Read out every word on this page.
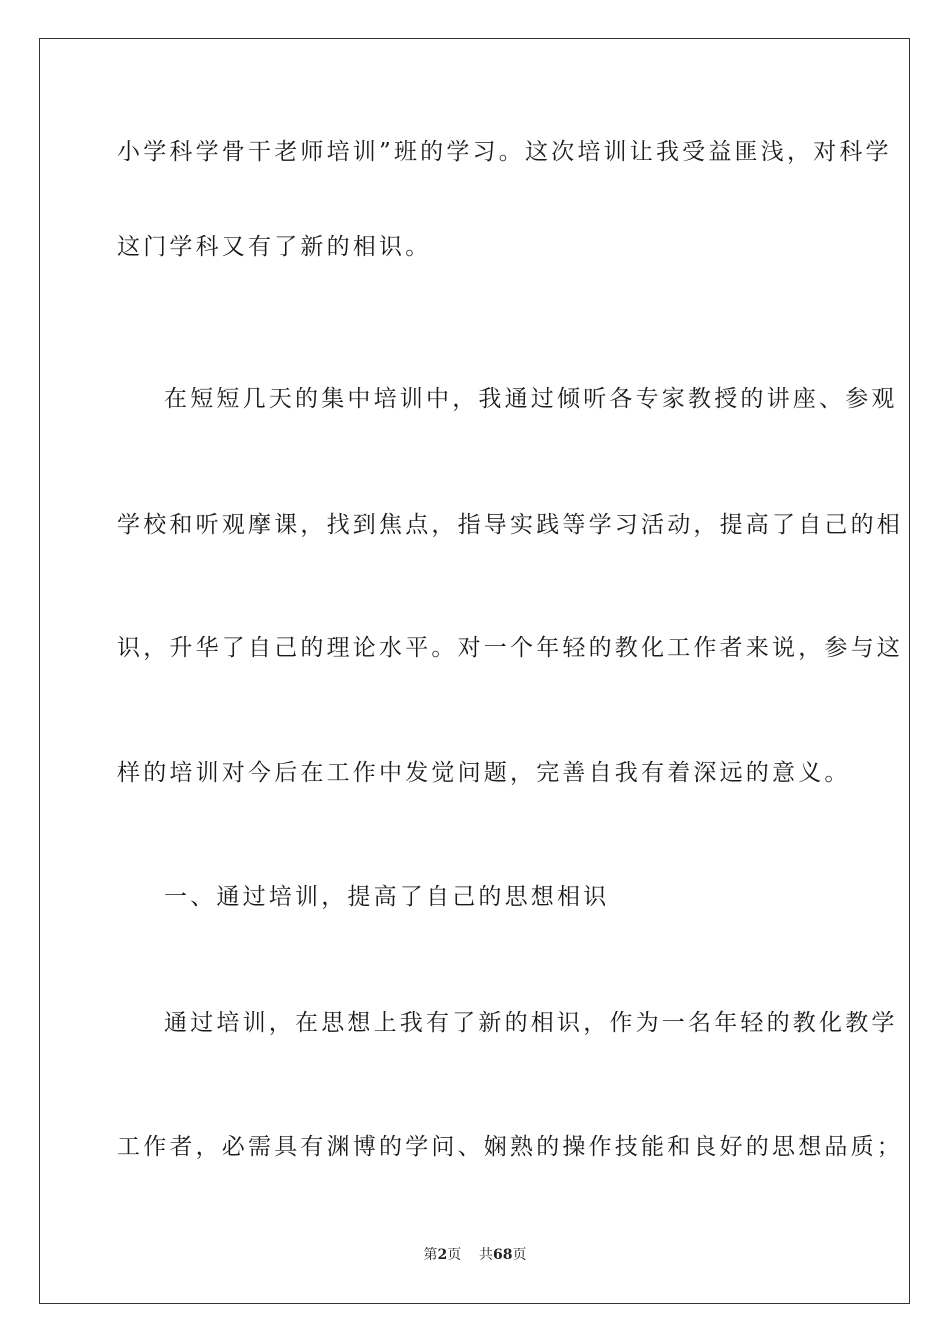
小学科学骨干老师培训”班的学习。这次培训让我受益匪浅，对科学
这门学科又有了新的相识。
在短短几天的集中培训中，我通过倾听各专家教授的讲座、参观
学校和听观摩课，找到焦点，指导实践等学习活动，提高了自己的相
识，升华了自己的理论水平。对一个年轻的教化工作者来说，参与这
样的培训对今后在工作中发觉问题，完善自我有着深远的意义。
一、通过培训，提高了自己的思想相识
通过培训，在思想上我有了新的相识，作为一名年轻的教化教学
工作者，必需具有渊博的学问、娴熟的操作技能和良好的思想品质；
第2页 共68页
